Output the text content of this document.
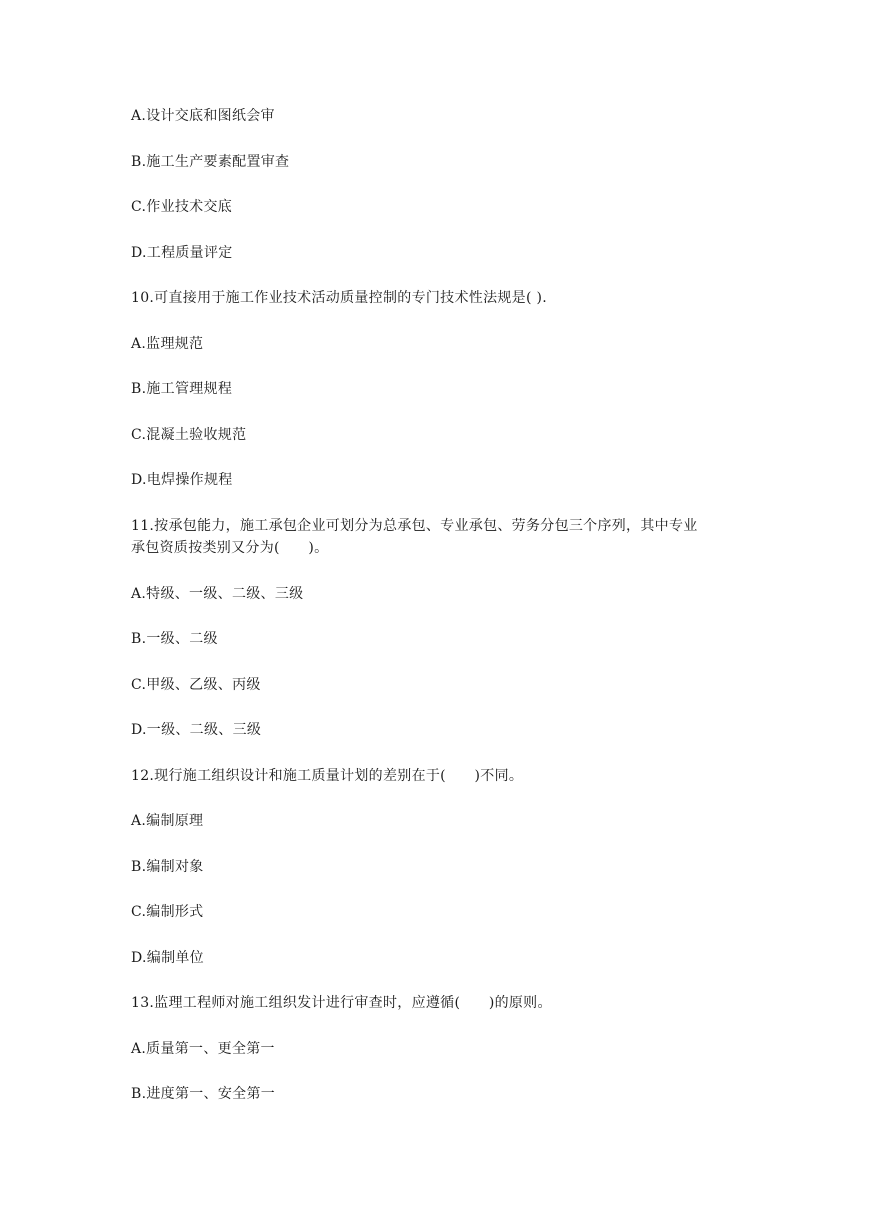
A.设计交底和图纸会审
B.施工生产要素配置审查
C.作业技术交底
D.工程质量评定
10.可直接用于施工作业技术活动质量控制的专门技术性法规是( ).
A.监理规范
B.施工管理规程
C.混凝土验收规范
D.电焊操作规程
11.按承包能力，施工承包企业可划分为总承包、专业承包、劳务分包三个序列，其中专业
承包资质按类别又分为(　　)。
A.特级、一级、二级、三级
B.一级、二级
C.甲级、乙级、丙级
D.一级、二级、三级
12.现行施工组织设计和施工质量计划的差别在于(　　)不同。
A.编制原理
B.编制对象
C.编制形式
D.编制单位
13.监理工程师对施工组织发计进行审查时，应遵循(　　)的原则。
A.质量第一、更全第一
B.进度第一、安全第一
